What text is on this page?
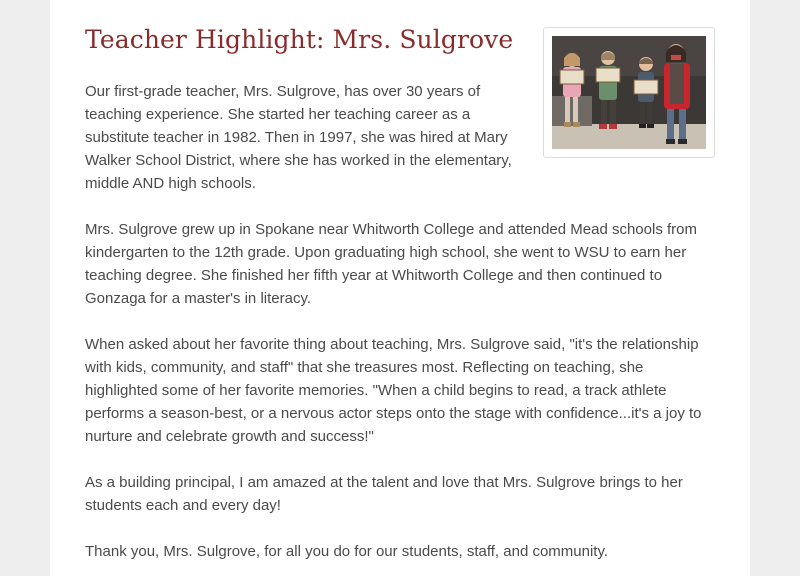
Teacher Highlight: Mrs. Sulgrove

Our first-grade teacher, Mrs. Sulgrove, has over 30 years of teaching experience. She started her teaching career as a substitute teacher in 1982. Then in 1997, she was hired at Mary Walker School District, where she has worked in the elementary, middle AND high schools.

Mrs. Sulgrove grew up in Spokane near Whitworth College and attended Mead schools from kindergarten to the 12th grade. Upon graduating high school, she went to WSU to earn her teaching degree. She finished her fifth year at Whitworth College and then continued to Gonzaga for a master's in literacy.

When asked about her favorite thing about teaching, Mrs. Sulgrove said, "it's the relationship with kids, community, and staff" that she treasures most. Reflecting on teaching, she highlighted some of her favorite memories. "When a child begins to read, a track athlete performs a season-best, or a nervous actor steps onto the stage with confidence...it's a joy to nurture and celebrate growth and success!"

As a building principal, I am amazed at the talent and love that Mrs. Sulgrove brings to her students each and every day!

Thank you, Mrs. Sulgrove, for all you do for our students, staff, and community.
